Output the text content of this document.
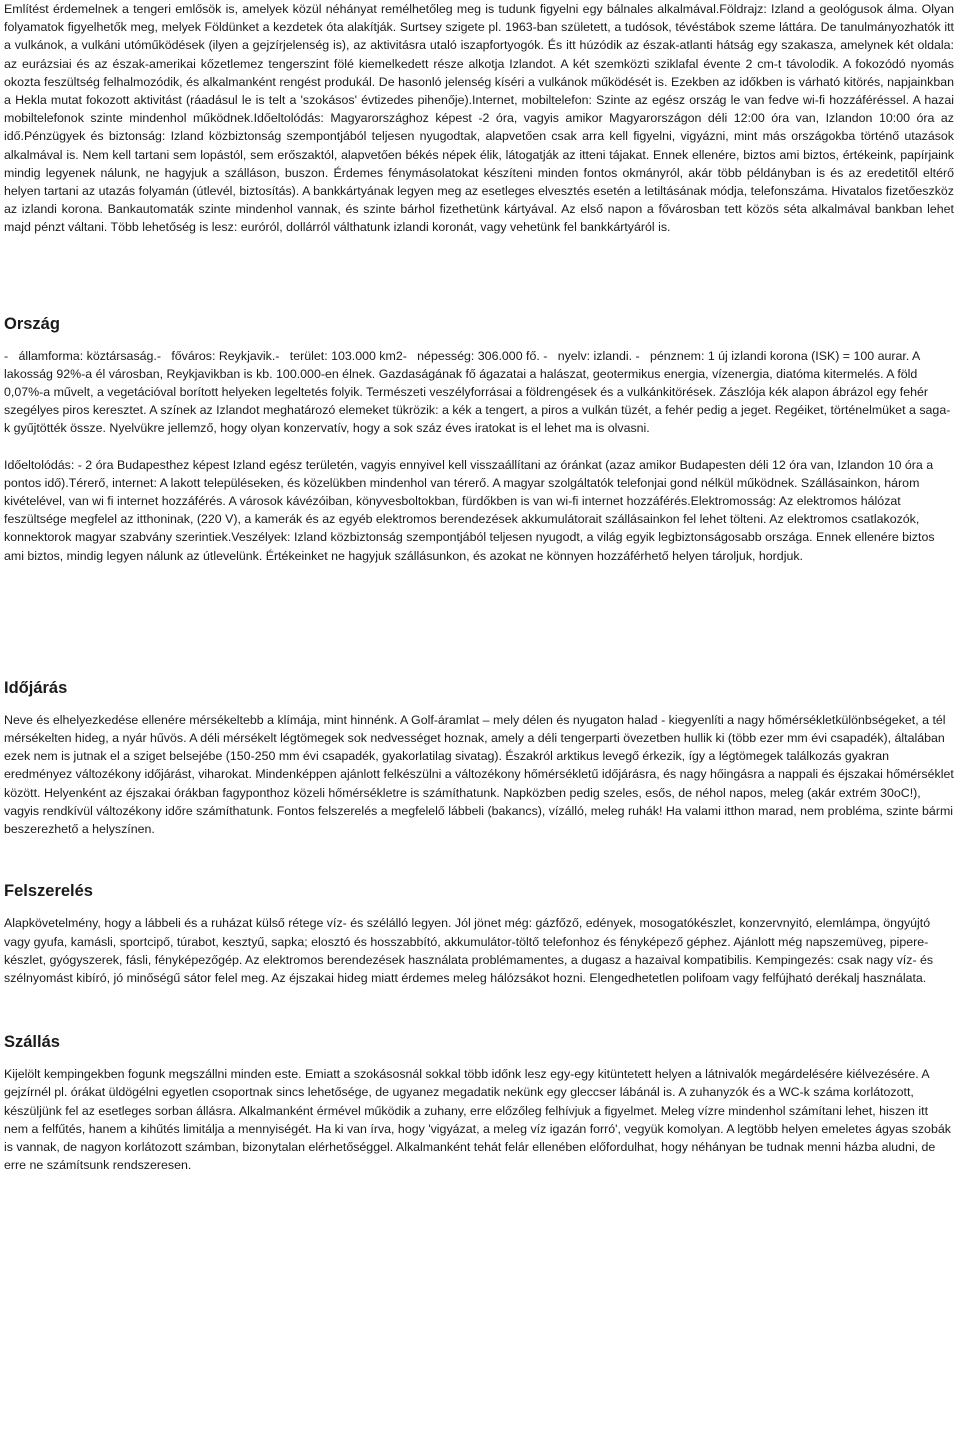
Említést érdemelnek a tengeri emlősök is, amelyek közül néhányat remélhetőleg meg is tudunk figyelni egy bálnales alkalmával.Földrajz: Izland a geológusok álma. Olyan folyamatok figyelhetők meg, melyek Földünket a kezdetek óta alakítják. Surtsey szigete pl. 1963-ban született, a tudósok, tévéstábok szeme láttára. De tanulmányozhatók itt a vulkánok, a vulkáni utóműködések (ilyen a gejzírjelenség is), az aktivitásra utaló iszapfortyogók. És itt húzódik az észak-atlanti hátság egy szakasza, amelynek két oldala: az eurázsiai és az észak-amerikai kőzetlemez tengerszint fölé kiemelkedett része alkotja Izlandot. A két szemközti sziklafal évente 2 cm-t távolodik. A fokozódó nyomás okozta feszültség felhalmozódik, és alkalmanként rengést produkál. De hasonló jelenség kíséri a vulkánok működését is. Ezekben az időkben is várható kitörés, napjainkban a Hekla mutat fokozott aktivitást (ráadásul le is telt a 'szokásos' évtizedes pihenője).Internet, mobiltelefon: Szinte az egész ország le van fedve wi-fi hozzáféréssel. A hazai mobiltelefonok szinte mindenhol működnek.Időeltolódás: Magyarországhoz képest -2 óra, vagyis amikor Magyarországon déli 12:00 óra van, Izlandon 10:00 óra az idő.Pénzügyek és biztonság: Izland közbiztonság szempontjából teljesen nyugodtak, alapvetően csak arra kell figyelni, vigyázni, mint más országokba történő utazások alkalmával is. Nem kell tartani sem lopástól, sem erőszaktól, alapvetően békés népek élik, látogatják az itteni tájakat. Ennek ellenére, biztos ami biztos, értékeink, papírjaink mindig legyenek nálunk, ne hagyjuk a szálláson, buszon. Érdemes fénymásolatokat készíteni minden fontos okmányról, akár több példányban is és az eredetitől eltérő helyen tartani az utazás folyamán (útlevél, biztosítás). A bankkártyának legyen meg az esetleges elvesztés esetén a letiltásának módja, telefonszáma. Hivatalos fizetőeszköz az izlandi korona. Bankautomaták szinte mindenhol vannak, és szinte bárhol fizethetünk kártyával. Az első napon a fővárosban tett közös séta alkalmával bankban lehet majd pénzt váltani. Több lehetőség is lesz: euróról, dollárról válthatunk izlandi koronát, vagy vehetünk fel bankkártyáról is.

Ország

-   államforma: köztársaság.-   főváros: Reykjavik.-   terület: 103.000 km2-   népesség: 306.000 fő. -   nyelv: izlandi. -   pénznem: 1 új izlandi korona (ISK) = 100 aurar. A lakosság 92%-a él városban, Reykjavikban is kb. 100.000-en élnek. Gazdaságának fő ágazatai a halászat, geotermikus energia, vízenergia, diatóma kitermelés. A föld 0,07%-a művelt, a vegetációval borított helyeken legeltetés folyik. Természeti veszélyforrásai a földrengések és a vulkánkitörések. Zászlója kék alapon ábrázol egy fehér szegélyes piros keresztet. A színek az Izlandot meghatározó elemeket tükrözik: a kék a tengert, a piros a vulkán tüzét, a fehér pedig a jeget. Regéiket, történelmüket a saga-k gyűjtötték össze. Nyelvükre jellemző, hogy olyan konzervatív, hogy a sok száz éves iratokat is el lehet ma is olvasni.

Időeltolódás: - 2 óra Budapesthez képest Izland egész területén, vagyis ennyivel kell visszaállítani az óránkat (azaz amikor Budapesten déli 12 óra van, Izlandon 10 óra a pontos idő).Térerő, internet: A lakott településeken, és közelükben mindenhol van térerő. A magyar szolgáltatók telefonjai gond nélkül működnek. Szállásainkon, három kivételével, van wi fi internet hozzáférés. A városok kávézóiban, könyvesboltokban, fürdőkben is van wi-fi internet hozzáférés.Elektromosság: Az elektromos hálózat feszültsége megfelel az itthoninak, (220 V), a kamerák és az egyéb elektromos berendezések akkumulátorait szállásainkon fel lehet tölteni. Az elektromos csatlakozók, konnektorok magyar szabvány szerintiek.Veszélyek: Izland közbiztonság szempontjából teljesen nyugodt, a világ egyik legbiztonságosabb országa. Ennek ellenére biztos ami biztos, mindig legyen nálunk az útlevelünk. Értékeinket ne hagyjuk szállásunkon, és azokat ne könnyen hozzáférhető helyen tároljuk, hordjuk.

Időjárás

Neve és elhelyezkedése ellenére mérsékeltebb a klímája, mint hinnénk. A Golf-áramlat – mely délen és nyugaton halad - kiegyenlíti a nagy hőmérsékletkülönbségeket, a tél mérsékelten hideg, a nyár hűvös. A déli mérsékelt légtömegek sok nedvességet hoznak, amely a déli tengerparti övezetben hullik ki (több ezer mm évi csapadék), általában ezek nem is jutnak el a sziget belsejébe (150-250 mm évi csapadék, gyakorlatilag sivatag). Északról arktikus levegő érkezik, így a légtömegek találkozás gyakran eredményez változékony időjárást, viharokat. Mindenképpen ajánlott felkészülni a változékony hőmérsékletű időjárásra, és nagy hőingásra a nappali és éjszakai hőmérséklet között. Helyenként az éjszakai órákban fagyponthoz közeli hőmérsékletre is számíthatunk. Napközben pedig szeles, esős, de néhol napos, meleg (akár extrém 30oC!), vagyis rendkívül változékony időre számíthatunk. Fontos felszerelés a megfelelő lábbeli (bakancs), vízálló, meleg ruhák! Ha valami itthon marad, nem probléma, szinte bármi beszerezhető a helyszínen.

Felszerelés

Alapkövetelmény, hogy a lábbeli és a ruházat külső rétege víz- és szélálló legyen. Jól jönet még: gázfőző, edények, mosogatókészlet, konzervnyitó, elemlámpa, öngyújtó vagy gyufa, kamásli, sportcipő, túrabot, kesztyű, sapka; elosztó és hosszabbító, akkumulátor-töltő telefonhoz és fényképező géphez. Ajánlott még napszemüveg, pipere-készlet, gyógyszerek, fásli, fényképezőgép. Az elektromos berendezések használata problémamentes, a dugasz a hazaival kompatibilis. Kempingezés: csak nagy víz- és szélnyomást kibíró, jó minőségű sátor felel meg. Az éjszakai hideg miatt érdemes meleg hálózsákot hozni. Elengedhetetlen polifoam vagy felfújható derékalj használata.

Szállás

Kijelölt kempingekben fogunk megszállni minden este. Emiatt a szokásosnál sokkal több időnk lesz egy-egy kitüntetett helyen a látnivalók megárdelésére kiélvezésére. A gejzírnél pl. órákat üldögélni egyetlen csoportnak sincs lehetősége, de ugyanez megadatik nekünk egy gleccser lábánál is. A zuhanyzók és a WC-k száma korlátozott, készüljünk fel az esetleges sorban állásra. Alkalmanként érmével működik a zuhany, erre előzőleg felhívjuk a figyelmet. Meleg vízre mindenhol számítani lehet, hiszen itt nem a felfűtés, hanem a kihűtés limitálja a mennyiségét. Ha ki van írva, hogy 'vigyázat, a meleg víz igazán forró', vegyük komolyan. A legtöbb helyen emeletes ágyas szobák is vannak, de nagyon korlátozott számban, bizonytalan elérhetőséggel. Alkalmanként tehát felár ellenében előfordulhat, hogy néhányan be tudnak menni házba aludni, de erre ne számítsunk rendszeresen.
